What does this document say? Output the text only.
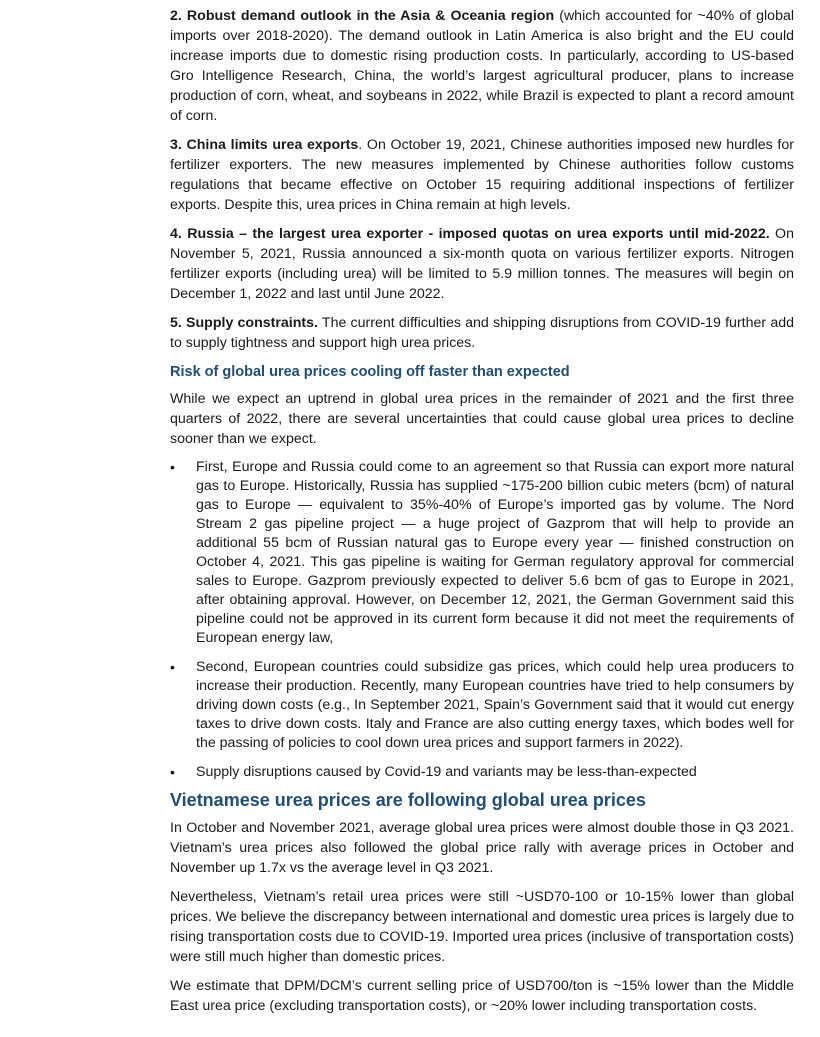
2. Robust demand outlook in the Asia & Oceania region (which accounted for ~40% of global imports over 2018-2020). The demand outlook in Latin America is also bright and the EU could increase imports due to domestic rising production costs. In particularly, according to US-based Gro Intelligence Research, China, the world’s largest agricultural producer, plans to increase production of corn, wheat, and soybeans in 2022, while Brazil is expected to plant a record amount of corn.

3. China limits urea exports. On October 19, 2021, Chinese authorities imposed new hurdles for fertilizer exporters. The new measures implemented by Chinese authorities follow customs regulations that became effective on October 15 requiring additional inspections of fertilizer exports. Despite this, urea prices in China remain at high levels.

4. Russia – the largest urea exporter - imposed quotas on urea exports until mid-2022. On November 5, 2021, Russia announced a six-month quota on various fertilizer exports. Nitrogen fertilizer exports (including urea) will be limited to 5.9 million tonnes. The measures will begin on December 1, 2022 and last until June 2022.

5. Supply constraints. The current difficulties and shipping disruptions from COVID-19 further add to supply tightness and support high urea prices.

Risk of global urea prices cooling off faster than expected

While we expect an uptrend in global urea prices in the remainder of 2021 and the first three quarters of 2022, there are several uncertainties that could cause global urea prices to decline sooner than we expect.

•	First, Europe and Russia could come to an agreement so that Russia can export more natural gas to Europe. Historically, Russia has supplied ~175-200 billion cubic meters (bcm) of natural gas to Europe — equivalent to 35%-40% of Europe’s imported gas by volume. The Nord Stream 2 gas pipeline project — a huge project of Gazprom that will help to provide an additional 55 bcm of Russian natural gas to Europe every year — finished construction on October 4, 2021. This gas pipeline is waiting for German regulatory approval for commercial sales to Europe. Gazprom previously expected to deliver 5.6 bcm of gas to Europe in 2021, after obtaining approval. However, on December 12, 2021, the German Government said this pipeline could not be approved in its current form because it did not meet the requirements of European energy law,
•	Second, European countries could subsidize gas prices, which could help urea producers to increase their production. Recently, many European countries have tried to help consumers by driving down costs (e.g., In September 2021, Spain’s Government said that it would cut energy taxes to drive down costs. Italy and France are also cutting energy taxes, which bodes well for the passing of policies to cool down urea prices and support farmers in 2022).
•	Supply disruptions caused by Covid-19 and variants may be less-than-expected
Vietnamese urea prices are following global urea prices

In October and November 2021, average global urea prices were almost double those in Q3 2021. Vietnam’s urea prices also followed the global price rally with average prices in October and November up 1.7x vs the average level in Q3 2021.

Nevertheless, Vietnam’s retail urea prices were still ~USD70-100 or 10-15% lower than global prices. We believe the discrepancy between international and domestic urea prices is largely due to rising transportation costs due to COVID-19. Imported urea prices (inclusive of transportation costs) were still much higher than domestic prices.

We estimate that DPM/DCM’s current selling price of USD700/ton is ~15% lower than the Middle East urea price (excluding transportation costs), or ~20% lower including transportation costs.
